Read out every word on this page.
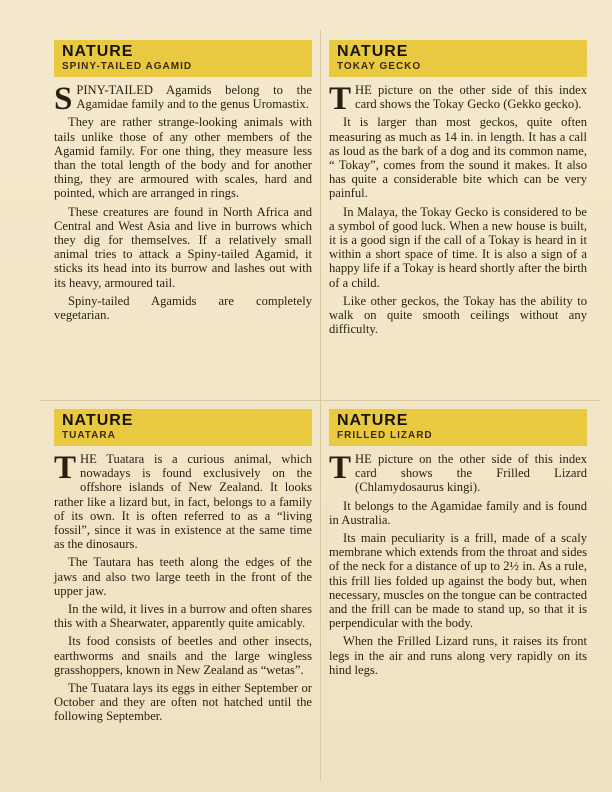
NATURE
SPINY-TAILED AGAMID

SPINY-TAILED Agamids belong to the Agamidae family and to the genus Uromastix.

They are rather strange-looking animals with tails unlike those of any other members of the Agamid family. For one thing, they measure less than the total length of the body and for another thing, they are armoured with scales, hard and pointed, which are arranged in rings.

These creatures are found in North Africa and Central and West Asia and live in burrows which they dig for themselves. If a relatively small animal tries to attack a Spiny-tailed Agamid, it sticks its head into its burrow and lashes out with its heavy, armoured tail.

Spiny-tailed Agamids are completely vegetarian.

NATURE
TOKAY GECKO

THE picture on the other side of this index card shows the Tokay Gecko (Gekko gecko).

It is larger than most geckos, quite often measuring as much as 14 in. in length. It has a call as loud as the bark of a dog and its common name, “ Tokay”, comes from the sound it makes. It also has quite a considerable bite which can be very painful.

In Malaya, the Tokay Gecko is considered to be a symbol of good luck. When a new house is built, it is a good sign if the call of a Tokay is heard in it within a short space of time. It is also a sign of a happy life if a Tokay is heard shortly after the birth of a child.

Like other geckos, the Tokay has the ability to walk on quite smooth ceilings without any difficulty.

NATURE
TUATARA

THE Tuatara is a curious animal, which nowadays is found exclusively on the offshore islands of New Zealand. It looks rather like a lizard but, in fact, belongs to a family of its own. It is often referred to as a “living fossil”, since it was in existence at the same time as the dinosaurs.

The Tautara has teeth along the edges of the jaws and also two large teeth in the front of the upper jaw.

In the wild, it lives in a burrow and often shares this with a Shearwater, apparently quite amicably.

Its food consists of beetles and other insects, earthworms and snails and the large wingless grasshoppers, known in New Zealand as “wetas”.

The Tuatara lays its eggs in either September or October and they are often not hatched until the following September.

NATURE
FRILLED LIZARD

THE picture on the other side of this index card shows the Frilled Lizard (Chlamydosaurus kingi).

It belongs to the Agamidae family and is found in Australia.

Its main peculiarity is a frill, made of a scaly membrane which extends from the throat and sides of the neck for a distance of up to 2½ in. As a rule, this frill lies folded up against the body but, when necessary, muscles on the tongue can be contracted and the frill can be made to stand up, so that it is perpendicular with the body.

When the Frilled Lizard runs, it raises its front legs in the air and runs along very rapidly on its hind legs.
